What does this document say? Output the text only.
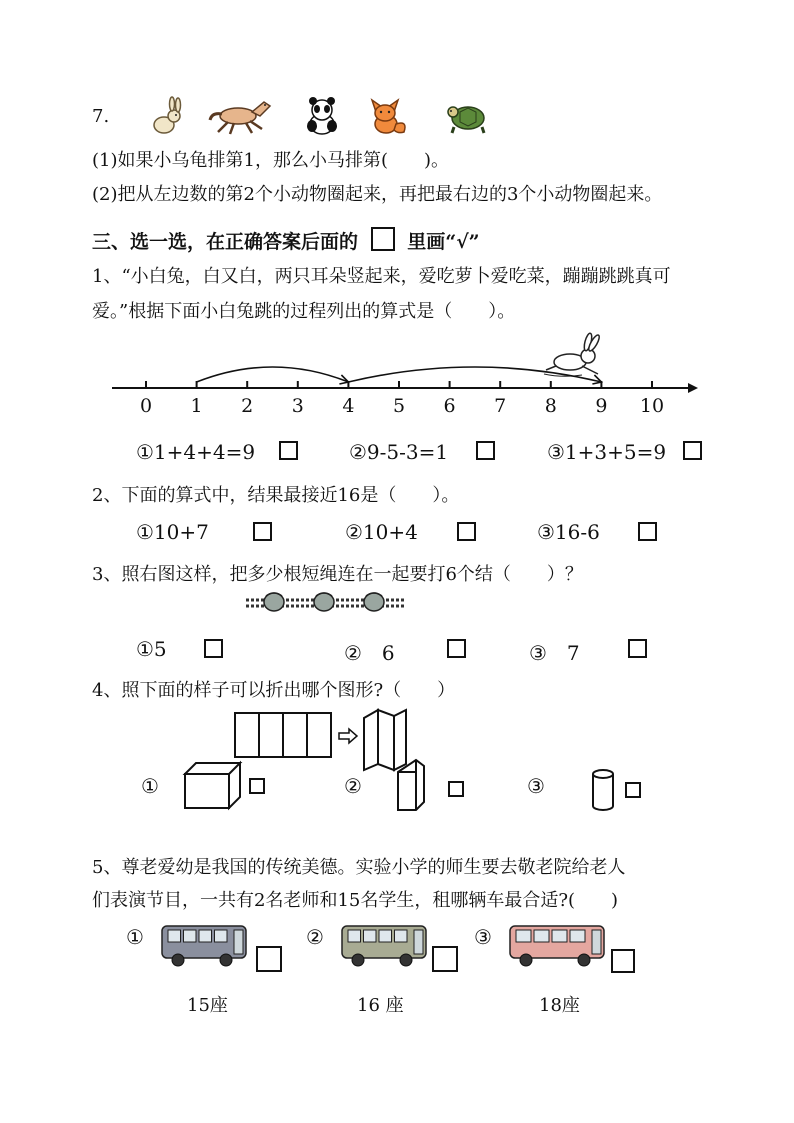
7.
(1)如果小乌龟排第1，那么小马排第(　　)。
(2)把从左边数的第2个小动物圈起来，再把最右边的3个小动物圈起来。
三、选一选，在正确答案后面的	里画“√”
1、“小白兔，白又白，两只耳朵竖起来，爱吃萝卜爱吃菜，蹦蹦跳跳真可
爱。”根据下面小白兔跳的过程列出的算式是（　　）。
0 1 2 3 4 5 6 7 8 9 10
①1+4+4=9	②9-5-3=1	③1+3+5=9
2、下面的算式中，结果最接近16是（　　）。
①10+7	②10+4	③16-6
3、照右图这样，把多少根短绳连在一起要打6个结（　　）？
①5	②　6	③　7
4、照下面的样子可以折出哪个图形?（　　）
①	②	③
5、尊老爱幼是我国的传统美德。实验小学的师生要去敬老院给老人
们表演节目，一共有2名老师和15名学生，租哪辆车最合适?(　　)
①	②	③
15座	16 座	18座
